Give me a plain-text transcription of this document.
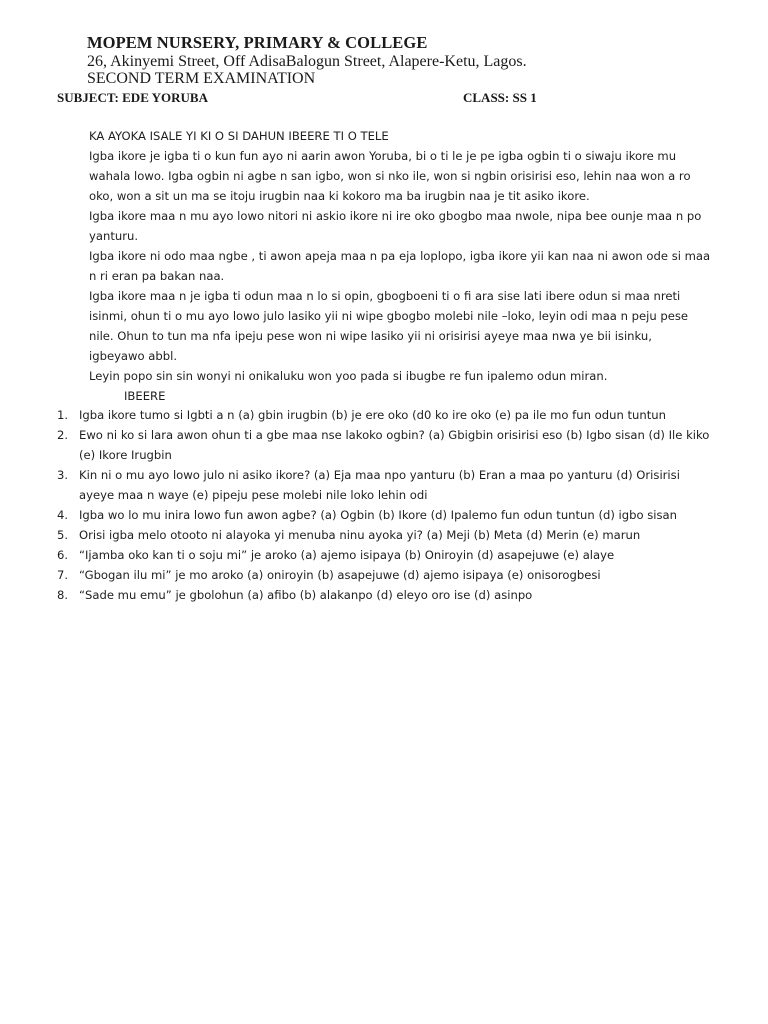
MOPEM NURSERY, PRIMARY & COLLEGE
26, Akinyemi Street, Off AdisaBalogun Street, Alapere-Ketu, Lagos.
SECOND TERM EXAMINATION
SUBJECT: EDE YORUBA	CLASS: SS 1
KA AYOKA ISALE YI KI O SI DAHUN IBEERE TI O TELE

Igba ikore je igba ti o kun fun ayo ni aarin awon Yoruba, bi o ti le je pe igba ogbin ti o siwaju ikore mu wahala lowo. Igba ogbin ni agbe n san igbo, won si nko ile, won si ngbin orisirisi eso, lehin naa won a ro oko, won a sit un ma se itoju irugbin naa ki kokoro ma ba irugbin naa je tit asiko ikore.

Igba ikore maa n mu ayo lowo nitori ni askio ikore ni ire oko gbogbo maa nwole, nipa bee ounje maa n po yanturu.

Igba ikore ni odo maa ngbe , ti awon apeja maa n pa eja loplopo, igba ikore yii kan naa ni awon ode si maa n ri eran pa bakan naa.

Igba ikore maa n je igba ti odun maa n lo si opin, gbogboeni ti o fi ara sise lati ibere odun si maa nreti isinmi, ohun ti o mu ayo lowo julo lasiko yii ni wipe gbogbo molebi nile –loko, leyin odi maa n peju pese nile. Ohun to tun ma nfa ipeju pese won ni wipe lasiko yii ni orisirisi ayeye maa nwa ye bii isinku, igbeyawo abbl.

Leyin popo sin sin wonyi ni onikaluku won yoo pada si ibugbe re fun ipalemo odun miran.

IBEERE
1. Igba ikore tumo si Igbti a n (a) gbin irugbin (b) je ere oko (d0 ko ire oko (e) pa ile mo fun odun tuntun
2. Ewo ni ko si lara awon ohun ti a gbe maa nse lakoko ogbin? (a) Gbigbin orisirisi eso (b) Igbo sisan (d) Ile kiko (e) Ikore Irugbin
3. Kin ni o mu ayo lowo julo ni asiko ikore? (a) Eja maa npo yanturu (b) Eran a maa po yanturu (d) Orisirisi ayeye maa n waye (e) pipeju pese molebi nile loko lehin odi
4. Igba wo lo mu inira lowo fun awon agbe? (a) Ogbin (b) Ikore (d) Ipalemo fun odun tuntun (d) igbo sisan
5. Orisi igba melo otooto ni alayoka yi menuba ninu ayoka yi? (a) Meji (b) Meta (d) Merin (e) marun
6. “Ijamba oko kan ti o soju mi” je aroko (a) ajemo isipaya (b) Oniroyin (d) asapejuwe (e) alaye
7. “Gbogan ilu mi” je mo aroko (a) oniroyin (b) asapejuwe (d) ajemo isipaya (e) onisorogbesi
8. “Sade mu emu” je gbolohun (a) afibo (b) alakanpo (d) eleyo oro ise (d) asinpo
